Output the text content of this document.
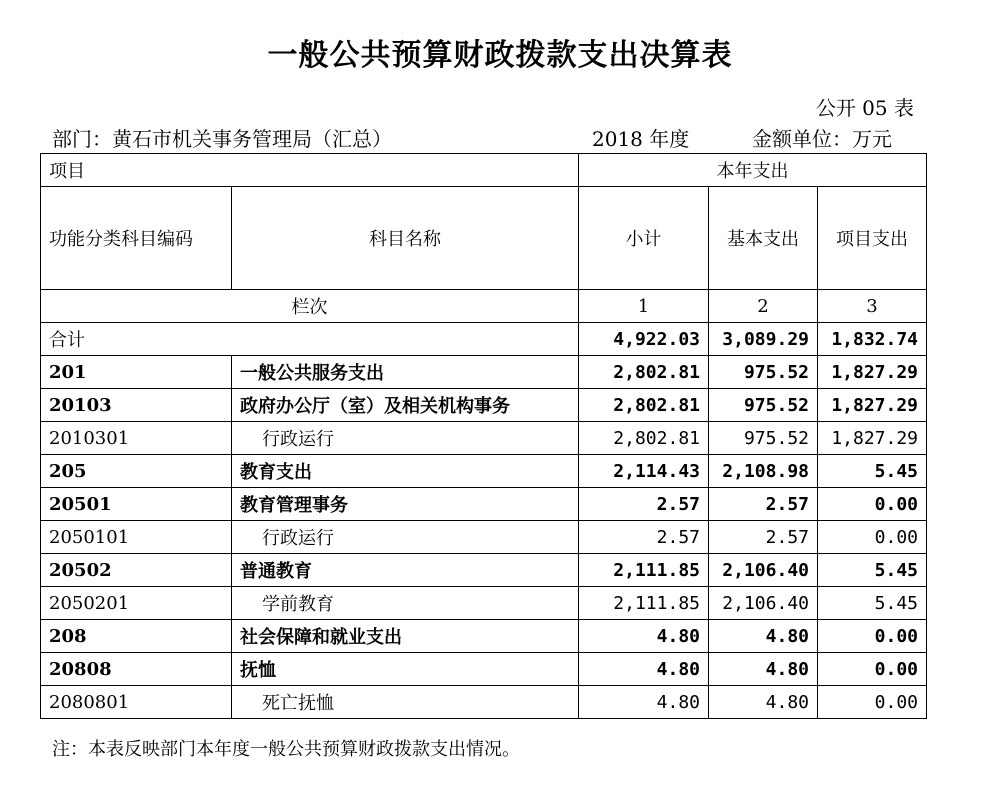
一般公共预算财政拨款支出决算表
公开 05 表
部门：黄石市机关事务管理局（汇总）	2018 年度	金额单位：万元
项目		本年支出		
功能分类科目编码	科目名称	小计	基本支出	项目支出
栏次		1	2	3
合计		4,922.03	3,089.29	1,832.74
201	一般公共服务支出	2,802.81	975.52	1,827.29
20103	政府办公厅（室）及相关机构事务	2,802.81	975.52	1,827.29
2010301	行政运行	2,802.81	975.52	1,827.29
205	教育支出	2,114.43	2,108.98	5.45
20501	教育管理事务	2.57	2.57	0.00
2050101	行政运行	2.57	2.57	0.00
20502	普通教育	2,111.85	2,106.40	5.45
2050201	学前教育	2,111.85	2,106.40	5.45
208	社会保障和就业支出	4.80	4.80	0.00
20808	抚恤	4.80	4.80	0.00
2080801	死亡抚恤	4.80	4.80	0.00
注：本表反映部门本年度一般公共预算财政拨款支出情况。
